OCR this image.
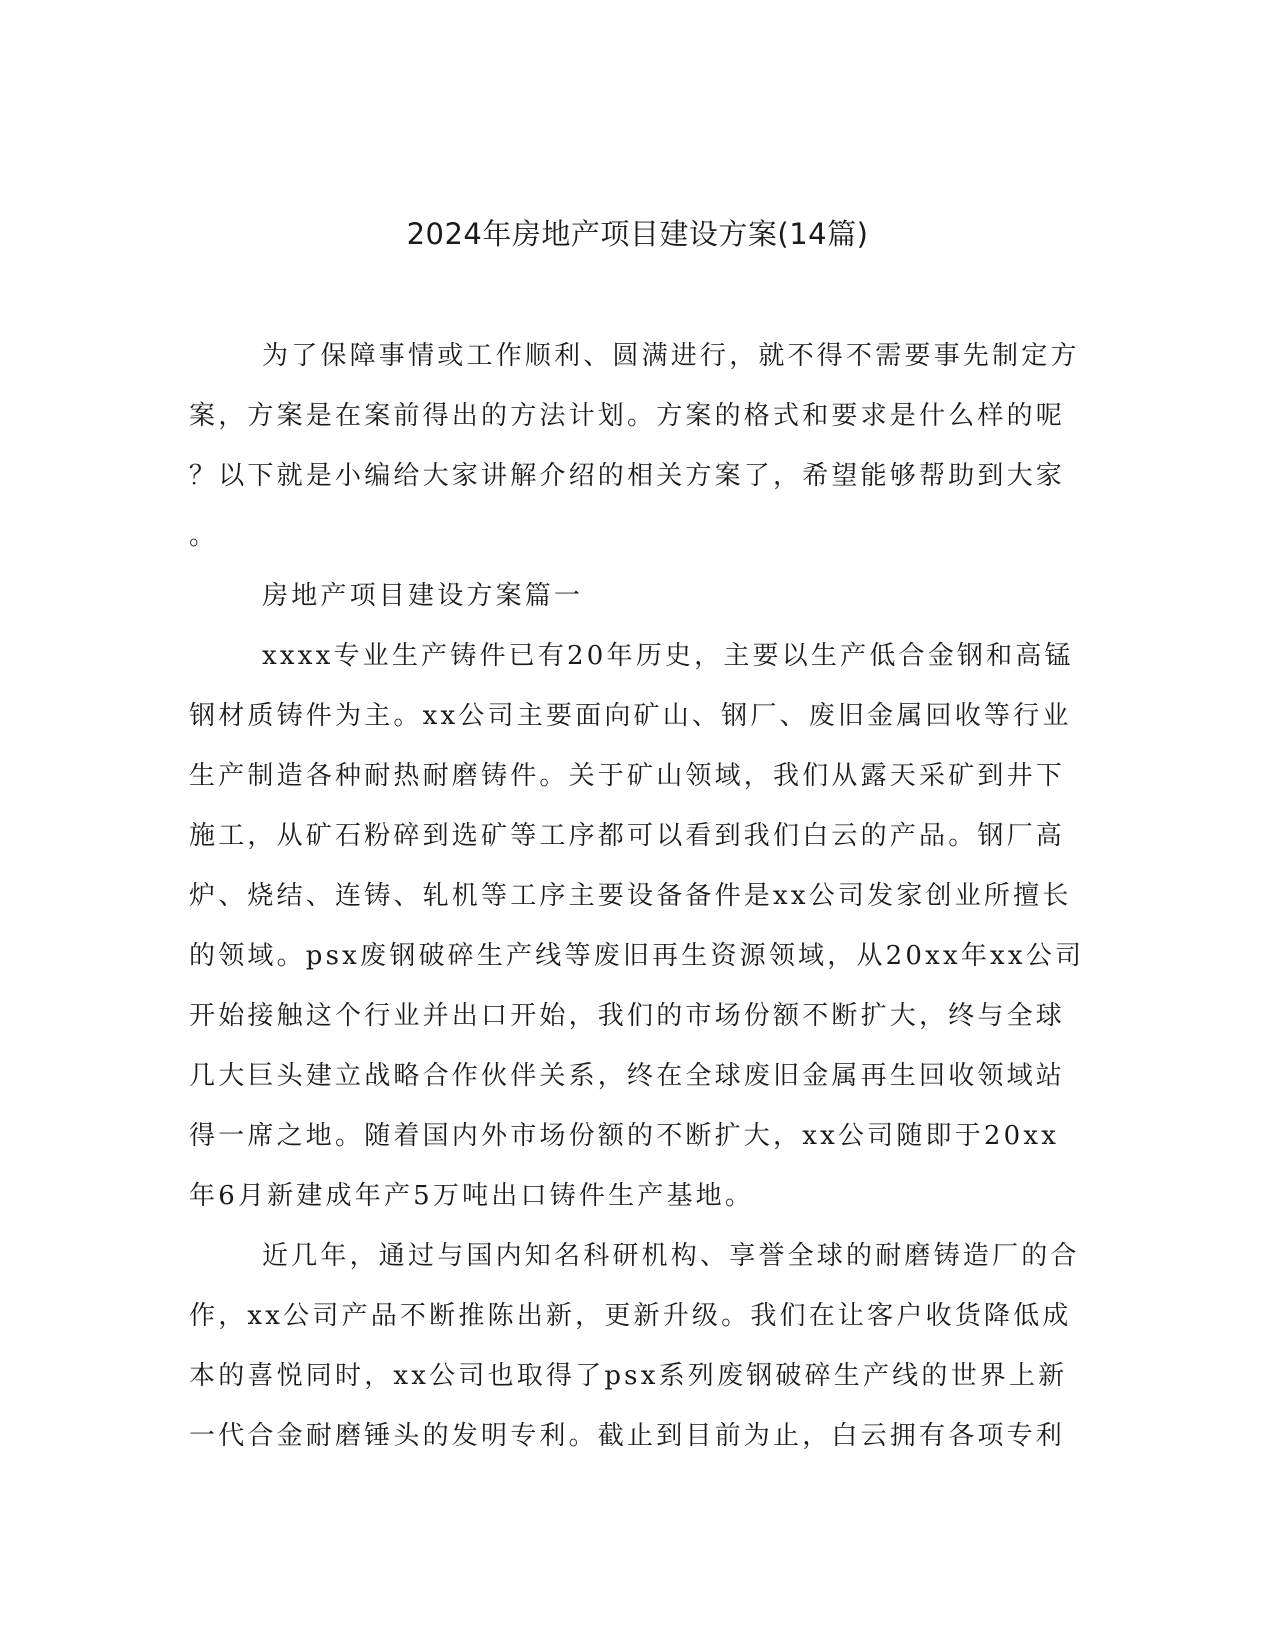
2024年房地产项目建设方案(14篇)
为了保障事情或工作顺利、圆满进行，就不得不需要事先制定方
案，方案是在案前得出的方法计划。方案的格式和要求是什么样的呢
？以下就是小编给大家讲解介绍的相关方案了，希望能够帮助到大家
。
房地产项目建设方案篇一
xxxx专业生产铸件已有20年历史，主要以生产低合金钢和高锰
钢材质铸件为主。xx公司主要面向矿山、钢厂、废旧金属回收等行业
生产制造各种耐热耐磨铸件。关于矿山领域，我们从露天采矿到井下
施工，从矿石粉碎到选矿等工序都可以看到我们白云的产品。钢厂高
炉、烧结、连铸、轧机等工序主要设备备件是xx公司发家创业所擅长
的领域。psx废钢破碎生产线等废旧再生资源领域，从20xx年xx公司
开始接触这个行业并出口开始，我们的市场份额不断扩大，终与全球
几大巨头建立战略合作伙伴关系，终在全球废旧金属再生回收领域站
得一席之地。随着国内外市场份额的不断扩大，xx公司随即于20xx
年6月新建成年产5万吨出口铸件生产基地。
近几年，通过与国内知名科研机构、享誉全球的耐磨铸造厂的合
作，xx公司产品不断推陈出新，更新升级。我们在让客户收货降低成
本的喜悦同时，xx公司也取得了psx系列废钢破碎生产线的世界上新
一代合金耐磨锤头的发明专利。截止到目前为止，白云拥有各项专利
